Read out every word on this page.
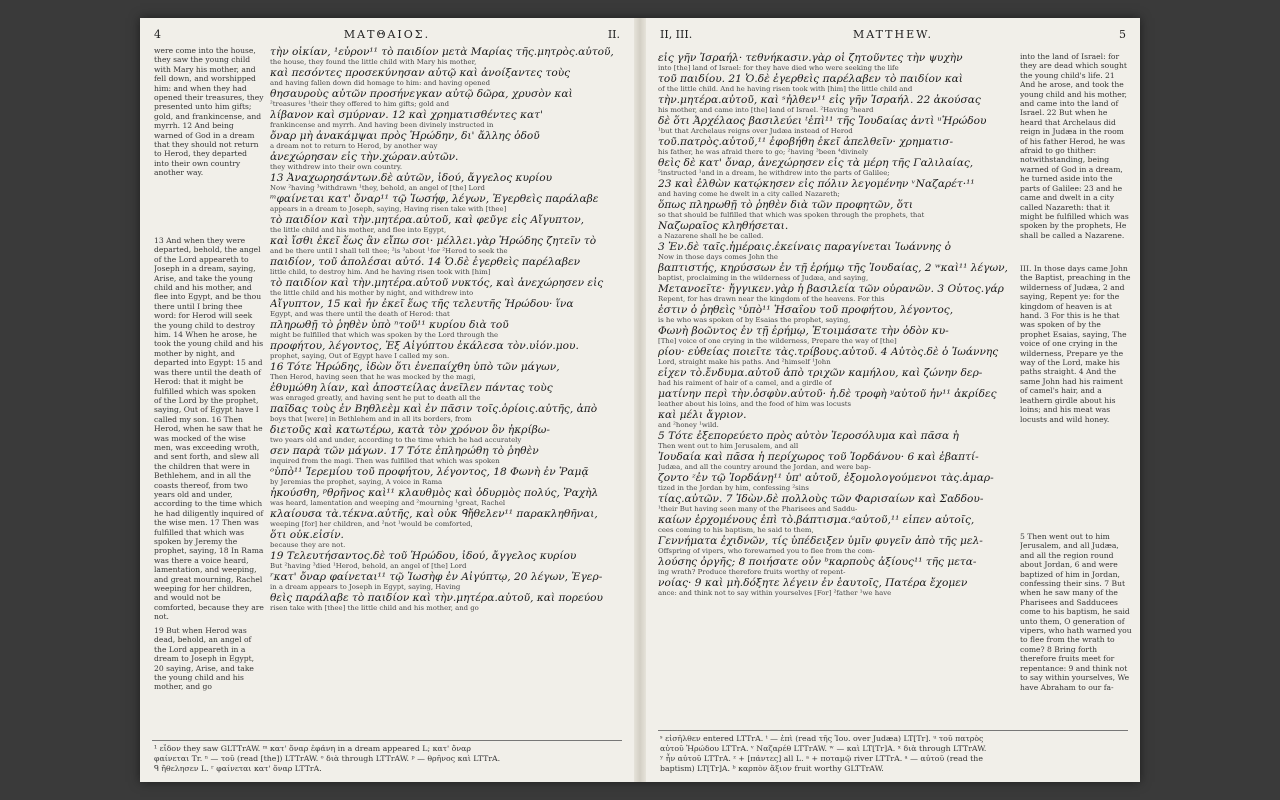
4	ΜΑΤΘΑΙΟΣ.	II.
were come into the house, they saw the young child with Mary his mother, and fell down, and worshipped him: and when they had opened their treasures, they presented unto him gifts; gold, and frankincense, and myrrh. 12 And being warned of God in a dream that they should not return to Herod, they departed into their own country another way.
13 And when they were departed, behold, the angel of the Lord appeareth to Joseph in a dream, saying, Arise, and take the young child and his mother, and flee into Egypt, and be thou there until I bring thee word: for Herod will seek the young child to destroy him. 14 When he arose, he took the young child and his mother by night, and departed into Egypt: 15 and was there until the death of Herod: that it might be fulfilled which was spoken of the Lord by the prophet, saying, Out of Egypt have I called my son. 16 Then Herod, when he saw that he was mocked of the wise men, was exceeding wroth, and sent forth, and slew all the children that were in Bethlehem, and in all the coasts thereof, from two years old and under, according to the time which he had diligently inquired of the wise men. 17 Then was fulfilled that which was spoken by Jeremy the prophet, saying, 18 In Rama was there a voice heard, lamentation, and weeping, and great mourning, Rachel weeping for her children, and would not be comforted, because they are not.
19 But when Herod was dead, behold, an angel of the Lord appeareth in a dream to Joseph in Egypt, 20 saying, Arise, and take the young child and his mother, and go
τὴν οἰκίαν, ¹εὗρον¹¹ τὸ παιδίον μετὰ Μαρίας τῆς.μητρὸς.αὐτοῦ,
the house, they found the little child with Mary his mother,
καὶ πεσόντες προσεκύνησαν αὐτῷ καὶ ἀνοίξαντες τοὺς
and having fallen down did homage to him: and having opened
θησαυροὺς αὐτῶν προσήνεγκαν αὐτῷ δῶρα, χρυσὸν καὶ
²treasures ¹their they offered to him gifts; gold and
λίβανον καὶ σμύρναν. 12 καὶ χρηματισθέντες κατ'
frankincense and myrrh. And having been divinely instructed in
ὄναρ μὴ ἀνακάμψαι πρὸς Ἡρώδην, δι' ἄλλης ὁδοῦ
a dream not to return to Herod, by another way
ἀνεχώρησαν εἰς τὴν.χώραν.αὐτῶν.
they withdrew into their own country.
13 Ἀναχωρησάντων.δὲ αὐτῶν, ἰδού, ἄγγελος κυρίου
Now ²having ³withdrawn ¹they, behold, an angel of [the] Lord
ᵐφαίνεται κατ' ὄναρ¹¹ τῷ Ἰωσήφ, λέγων, Ἐγερθεὶς παράλαβε
appears in a dream to Joseph, saying, Having risen take with [thee]
τὸ παιδίον καὶ τὴν.μητέρα.αὐτοῦ, καὶ φεῦγε εἰς Αἴγυπτον,
the little child and his mother, and flee into Egypt,
καὶ ἴσθι ἐκεῖ ἕως ἂν εἴπω σοι· μέλλει.γὰρ Ἡρώδης ζητεῖν τὸ
and be there until I shall tell thee; ²is ³about ¹for ²Herod to seek the
παιδίον, τοῦ ἀπολέσαι αὐτό. 14 Ὁ.δὲ ἐγερθεὶς παρέλαβεν
little child, to destroy him. And he having risen took with [him]
τὸ παιδίον καὶ τὴν.μητέρα.αὐτοῦ νυκτός, καὶ ἀνεχώρησεν εἰς
the little child and his mother by night, and withdrew into
Αἴγυπτον, 15 καὶ ἦν ἐκεῖ ἕως τῆς τελευτῆς Ἡρώδου· ἵνα
Egypt, and was there until the death of Herod: that
πληρωθῇ τὸ ῥηθὲν ὑπὸ ⁿτοῦ¹¹ κυρίου διὰ τοῦ
might be fulfilled that which was spoken by the Lord through the
προφήτου, λέγοντος, Ἐξ Αἰγύπτου ἐκάλεσα τὸν.υἱόν.μου.
prophet, saying, Out of Egypt have I called my son.
16 Τότε Ἡρώδης, ἰδὼν ὅτι ἐνεπαίχθη ὑπὸ τῶν μάγων,
Then Herod, having seen that he was mocked by the magi,
ἐθυμώθη λίαν, καὶ ἀποστείλας ἀνεῖλεν πάντας τοὺς
was enraged greatly, and having sent he put to death all the
παῖδας τοὺς ἐν Βηθλεὲμ καὶ ἐν πᾶσιν τοῖς.ὁρίοις.αὐτῆς, ἀπὸ
boys that [were] in Bethlehem and in all its borders, from
διετοῦς καὶ κατωτέρω, κατὰ τὸν χρόνον ὃν ἠκρίβω-
two years old and under, according to the time which he had accurately
σεν παρὰ τῶν μάγων. 17 Τότε ἐπληρώθη τὸ ῥηθὲν
inquired from the magi. Then was fulfilled that which was spoken
ᵒὑπὸ¹¹ Ἱερεμίου τοῦ προφήτου, λέγοντος, 18 Φωνὴ ἐν Ῥαμᾷ
by Jeremias the prophet, saying, A voice in Rama
ἠκούσθη, ᵖθρῆνος καὶ¹¹ κλαυθμὸς καὶ ὀδυρμὸς πολύς, Ῥαχὴλ
was heard, lamentation and weeping and ²mourning ¹great, Rachel
κλαίουσα τὰ.τέκνα.αὐτῆς, καὶ οὐκ ᑫἤθελεν¹¹ παρακληθῆναι,
weeping [for] her children, and ²not ¹would be comforted,
ὅτι οὐκ.εἰσίν.
because they are not.
19 Τελευτήσαντος.δὲ τοῦ Ἡρώδου, ἰδού, ἄγγελος κυρίου
But ²having ³died ¹Herod, behold, an angel of [the] Lord
ʳκατ' ὄναρ φαίνεται¹¹ τῷ Ἰωσὴφ ἐν Αἰγύπτῳ, 20 λέγων, Ἐγερ-
in a dream appears to Joseph in Egypt, saying, Having
θεὶς παράλαβε τὸ παιδίον καὶ τὴν.μητέρα.αὐτοῦ, καὶ πορεύου
risen take with [thee] the little child and his mother, and go
¹ εἶδον they saw GLTTrAW. ᵐ κατ' ὄναρ ἐφάνη in a dream appeared L; κατ' ὄναρ
φαίνεται Tr. ⁿ — τοῦ (read [the]) LTTrAW. ᵒ διὰ through LTTrAW. ᵖ — θρῆνος καὶ LTTrA.
ᑫ ἤθελησεν L. ʳ φαίνεται κατ' ὄναρ LTTrA.
II, III.	MATTHEW.	5
into the land of Israel: for they are dead which sought the young child's life. 21 And he arose, and took the young child and his mother, and came into the land of Israel. 22 But when he heard that Archelaus did reign in Judæa in the room of his father Herod, he was afraid to go thither: notwithstanding, being warned of God in a dream, he turned aside into the parts of Galilee: 23 and he came and dwelt in a city called Nazareth: that it might be fulfilled which was spoken by the prophets, He shall be called a Nazarene.
III. In those days came John the Baptist, preaching in the wilderness of Judæa, 2 and saying, Repent ye: for the kingdom of heaven is at hand. 3 For this is he that was spoken of by the prophet Esaias, saying, The voice of one crying in the wilderness, Prepare ye the way of the Lord, make his paths straight. 4 And the same John had his raiment of camel's hair, and a leathern girdle about his loins; and his meat was locusts and wild honey.
5 Then went out to him Jerusalem, and all Judæa, and all the region round about Jordan, 6 and were baptized of him in Jordan, confessing their sins. 7 But when he saw many of the Pharisees and Sadducees come to his baptism, he said unto them, O generation of vipers, who hath warned you to flee from the wrath to come? 8 Bring forth therefore fruits meet for repentance: 9 and think not to say within yourselves, We have Abraham to our fa-
εἰς γῆν Ἰσραήλ· τεθνήκασιν.γὰρ οἱ ζητοῦντες τὴν ψυχὴν
into [the] land of Israel: for they have died who were seeking the life
τοῦ παιδίου. 21 Ὁ.δὲ ἐγερθεὶς παρέλαβεν τὸ παιδίον καὶ
of the little child. And he having risen took with [him] the little child and
τὴν.μητέρα.αὐτοῦ, καὶ ˢἦλθεν¹¹ εἰς γῆν Ἰσραήλ. 22 ἀκούσας
his mother, and came into [the] land of Israel. ²Having ³heard
δὲ ὅτι Ἀρχέλαος βασιλεύει ᵗἐπὶ¹¹ τῆς Ἰουδαίας ἀντὶ ᵘἩρώδου
¹but that Archelaus reigns over Judæa instead of Herod
τοῦ.πατρὸς.αὐτοῦ,¹¹ ἐφοβήθη ἐκεῖ ἀπελθεῖν· χρηματισ-
his father, he was afraid there to go; ²having ³been ⁴divinely
θεὶς δὲ κατ' ὄναρ, ἀνεχώρησεν εἰς τὰ μέρη τῆς Γαλιλαίας,
⁵instructed ¹and in a dream, he withdrew into the parts of Galilee;
23 καὶ ἐλθὼν κατῴκησεν εἰς πόλιν λεγομένην ᵛΝαζαρέτ·¹¹
and having come he dwelt in a city called Nazareth;
ὅπως πληρωθῇ τὸ ῥηθὲν διὰ τῶν προφητῶν, ὅτι
so that should be fulfilled that which was spoken through the prophets, that
Ναζωραῖος κληθήσεται.
a Nazarene shall he be called.
3 Ἐν.δὲ ταῖς.ἡμέραις.ἐκείναις παραγίνεται Ἰωάννης ὁ
Now in those days comes John the
βαπτιστής, κηρύσσων ἐν τῇ ἐρήμῳ τῆς Ἰουδαίας, 2 ʷκαὶ¹¹ λέγων,
baptist, proclaiming in the wilderness of Judæa, and saying,
Μετανοεῖτε· ἤγγικεν.γὰρ ἡ βασιλεία τῶν οὐρανῶν. 3 Οὗτος.γάρ
Repent, for has drawn near the kingdom of the heavens. For this
ἐστιν ὁ ῥηθεὶς ˣὑπὸ¹¹ Ἡσαΐου τοῦ προφήτου, λέγοντος,
is he who was spoken of by Esaias the prophet, saying,
Φωνὴ βοῶντος ἐν τῇ ἐρήμῳ, Ἑτοιμάσατε τὴν ὁδὸν κυ-
[The] voice of one crying in the wilderness, Prepare the way of [the]
ρίου· εὐθείας ποιεῖτε τὰς.τρίβους.αὐτοῦ. 4 Αὐτὸς.δὲ ὁ Ἰωάννης
Lord, straight make his paths. And ²himself ¹John
εἶχεν τὸ.ἔνδυμα.αὐτοῦ ἀπὸ τριχῶν καμήλου, καὶ ζώνην δερ-
had his raiment of hair of a camel, and a girdle of
ματίνην περὶ τὴν.ὀσφὺν.αὐτοῦ· ἡ.δὲ τροφὴ ʸαὐτοῦ ἦν¹¹ ἀκρίδες
leather about his loins, and the food of him was locusts
καὶ μέλι ἄγριον.
and ²honey ¹wild.
5 Τότε ἐξεπορεύετο πρὸς αὐτὸν Ἱεροσόλυμα καὶ πᾶσα ἡ
Then went out to him Jerusalem, and all
Ἰουδαία καὶ πᾶσα ἡ περίχωρος τοῦ Ἰορδάνου· 6 καὶ ἐβαπτί-
Judæa, and all the country around the Jordan, and were bap-
ζοντο ᶻἐν τῷ Ἰορδάνῃ¹¹ ὑπ' αὐτοῦ, ἐξομολογούμενοι τὰς.ἁμαρ-
tized in the Jordan by him, confessing ²sins
τίας.αὐτῶν. 7 Ἰδὼν.δὲ πολλοὺς τῶν Φαρισαίων καὶ Σαδδου-
¹their But having seen many of the Pharisees and Saddu-
καίων ἐρχομένους ἐπὶ τὸ.βάπτισμα.ᵃαὐτοῦ,¹¹ εἶπεν αὐτοῖς,
cees coming to his baptism, he said to them,
Γεννήματα ἐχιδνῶν, τίς ὑπέδειξεν ὑμῖν φυγεῖν ἀπὸ τῆς μελ-
Offspring of vipers, who forewarned you to flee from the com-
λούσης ὀργῆς; 8 ποιήσατε οὖν ᵇκαρποὺς ἀξίους¹¹ τῆς μετα-
ing wrath? Produce therefore fruits worthy of repent-
νοίας· 9 καὶ μὴ.δόξητε λέγειν ἐν ἑαυτοῖς, Πατέρα ἔχομεν
ance: and think not to say within yourselves [For] ²father ¹we have
ˢ εἰσῆλθεν entered LTTrA. ᵗ — ἐπὶ (read τῆς Ἰου. over Judæa) LT[Tr]. ᵘ τοῦ πατρὸς
αὐτοῦ Ἡρώδου LTTrA. ᵛ Ναζαρέθ LTTrAW. ʷ — καὶ LT[Tr]A. ˣ διὰ through LTTrAW.
ʸ ἦν αὐτοῦ LTTrA. ᶻ + [πάντες] all L. ᵃ + ποταμῷ river LTTrA. ᵃ — αὐτοῦ (read the
baptism) LT[Tr]A. ᵇ καρπὸν ἄξιον fruit worthy GLTTrAW.
